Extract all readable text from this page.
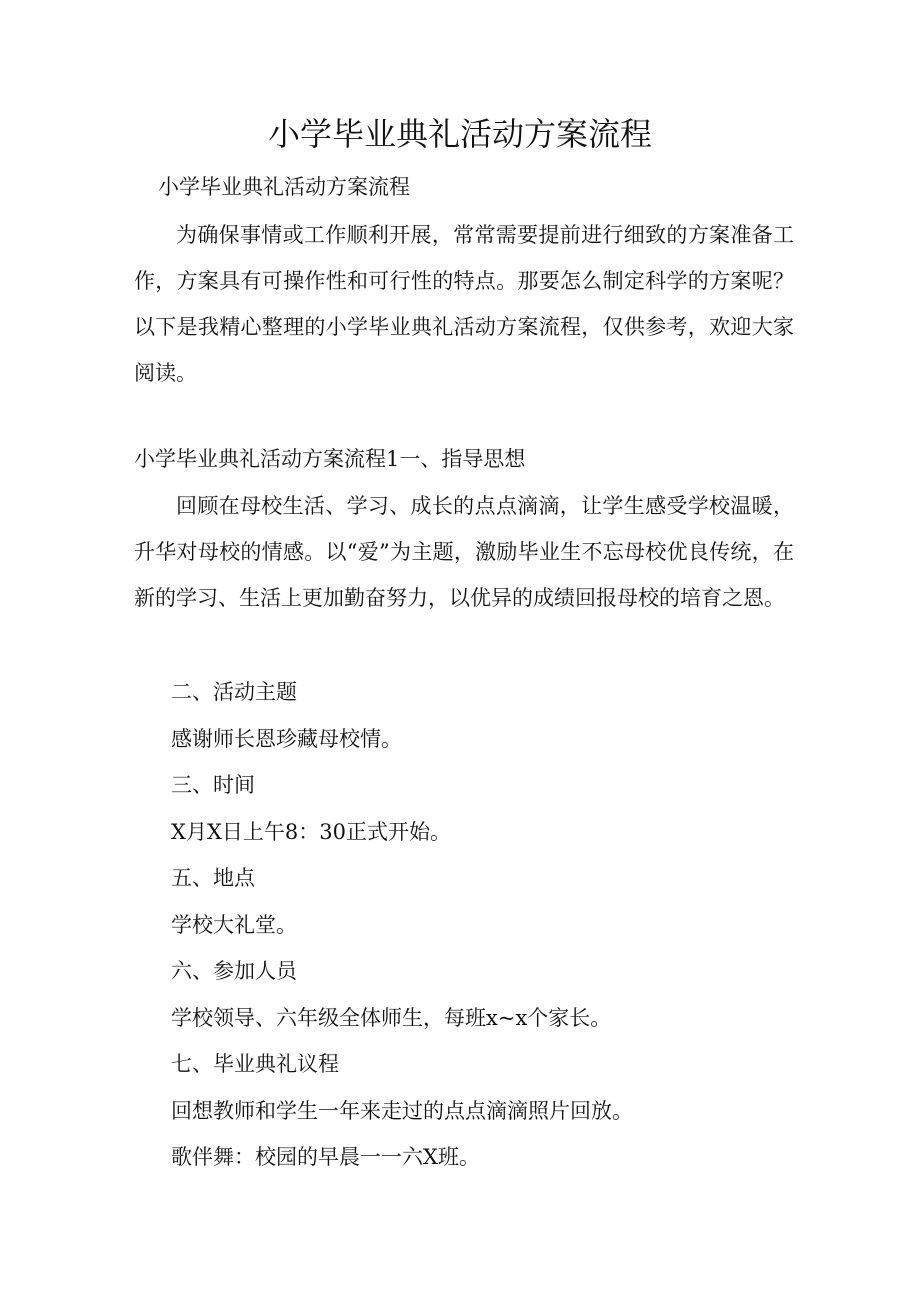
小学毕业典礼活动方案流程

小学毕业典礼活动方案流程

为确保事情或工作顺利开展，常常需要提前进行细致的方案准备工作，方案具有可操作性和可行性的特点。那要怎么制定科学的方案呢？以下是我精心整理的小学毕业典礼活动方案流程，仅供参考，欢迎大家阅读。

小学毕业典礼活动方案流程1一、指导思想

回顾在母校生活、学习、成长的点点滴滴，让学生感受学校温暖，升华对母校的情感。以“爱”为主题，激励毕业生不忘母校优良传统，在新的学习、生活上更加勤奋努力，以优异的成绩回报母校的培育之恩。

二、活动主题

感谢师长恩珍藏母校情。

三、时间

X月X日上午8：30正式开始。

五、地点

学校大礼堂。

六、参加人员

学校领导、六年级全体师生，每班x~x个家长。

七、毕业典礼议程

回想教师和学生一年来走过的点点滴滴照片回放。

歌伴舞：校园的早晨一一六X班。
